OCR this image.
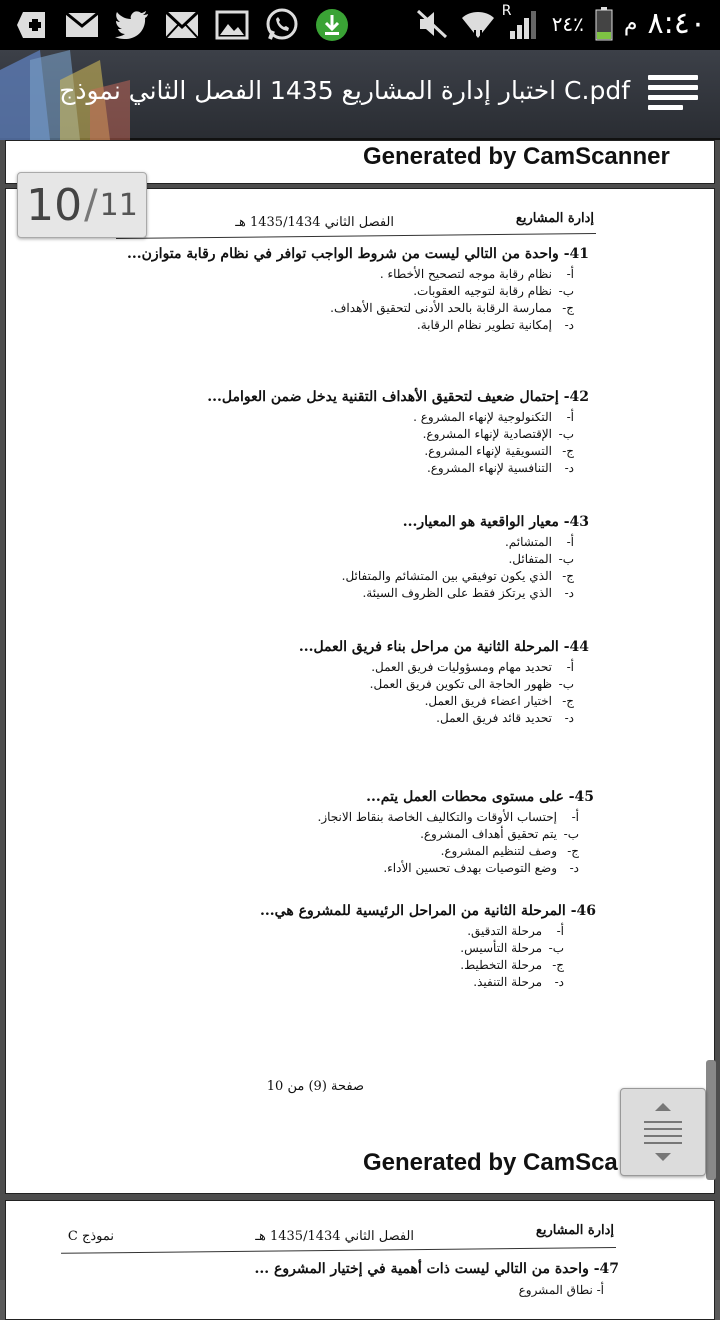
R
٢٤٪ م ٨:٤٠
اختبار إدارة المشاريع 1435 الفصل الثاني نموذج C.pdf
Generated by CamScanner
إدارة المشاريع
الفصل الثاني 1435/1434 هـ
41- واحدة من التالي ليست من شروط الواجب توافر في نظام رقابة متوازن...
أ-نظام رقابة موجه لتصحيح الأخطاء .
ب-نظام رقابة لتوجيه العقوبات.
ج-ممارسة الرقابة بالحد الأدنى لتحقيق الأهداف.
د-إمكانية تطوير نظام الرقابة.
42- إحتمال ضعيف لتحقيق الأهداف التقنية يدخل ضمن العوامل...
أ-التكنولوجية لإنهاء المشروع .
ب-الإقتصادية لإنهاء المشروع.
ج-التسويقية لإنهاء المشروع.
د-التنافسية لإنهاء المشروع.
43- معيار الواقعية هو المعيار...
أ-المتشائم.
ب-المتفائل.
ج-الذي يكون توفيقي بين المتشائم والمتفائل.
د-الذي يرتكز فقط على الظروف السيئة.
44- المرحلة الثانية من مراحل بناء فريق العمل...
أ-تحديد مهام ومسؤوليات فريق العمل.
ب-ظهور الحاجة الى تكوين فريق العمل.
ج-اختيار اعضاء فريق العمل.
د-تحديد قائد فريق العمل.
45- على مستوى محطات العمل يتم...
أ-إحتساب الأوقات والتكاليف الخاصة بنقاط الانجاز.
ب-يتم تحقيق أهداف المشروع.
ج-وصف لتنظيم المشروع.
د-وضع التوصيات بهدف تحسين الأداء.
46- المرحلة الثانية من المراحل الرئيسية للمشروع هي...
أ-مرحلة التدقيق.
ب-مرحلة التأسيس.
ج-مرحلة التخطيط.
د-مرحلة التنفيذ.
صفحة (9) من 10
Generated by CamSca
إدارة المشاريع
الفصل الثاني 1435/1434 هـ
نموذج C
47- واحدة من التالي ليست ذات أهمية في إختيار المشروع ...
أ- نطاق المشروع
10 / 11
